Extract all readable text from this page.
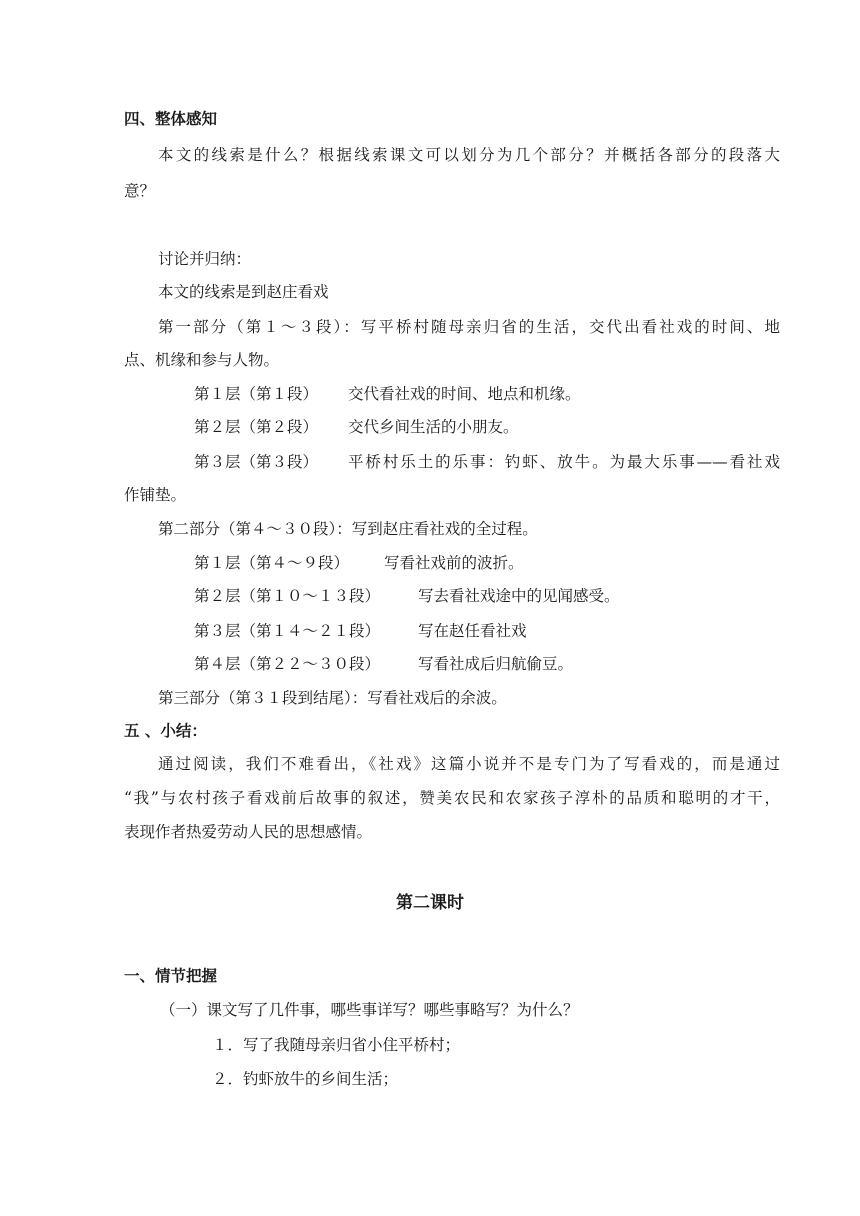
四、整体感知
本文的线索是什么？根据线索课文可以划分为几个部分？并概括各部分的段落大
意？
讨论并归纳：
本文的线索是到赵庄看戏
第一部分（第１～３段）：写平桥村随母亲归省的生活，交代出看社戏的时间、地
点、机缘和参与人物。
第１层（第１段） 交代看社戏的时间、地点和机缘。
第２层（第２段） 交代乡间生活的小朋友。
第３层（第３段） 平桥村乐土的乐事：钓虾、放牛。为最大乐事——看社戏
作铺垫。
第二部分（第４～３０段）：写到赵庄看社戏的全过程。
第１层（第４～９段） 写看社戏前的波折。
第２层（第１０～１３段） 写去看社戏途中的见闻感受。
第３层（第１４～２１段） 写在赵任看社戏
第４层（第２２～３０段） 写看社成后归航偷豆。
第三部分（第３１段到结尾）：写看社戏后的余波。
五 、小结：
通过阅读，我们不难看出，《社戏》这篇小说并不是专门为了写看戏的，而是通过
“我”与农村孩子看戏前后故事的叙述，赞美农民和农家孩子淳朴的品质和聪明的才干，
表现作者热爱劳动人民的思想感情。
第二课时
一、情节把握
（一）课文写了几件事，哪些事详写？哪些事略写？为什么？
１．写了我随母亲归省小住平桥村；
２．钓虾放牛的乡间生活；
